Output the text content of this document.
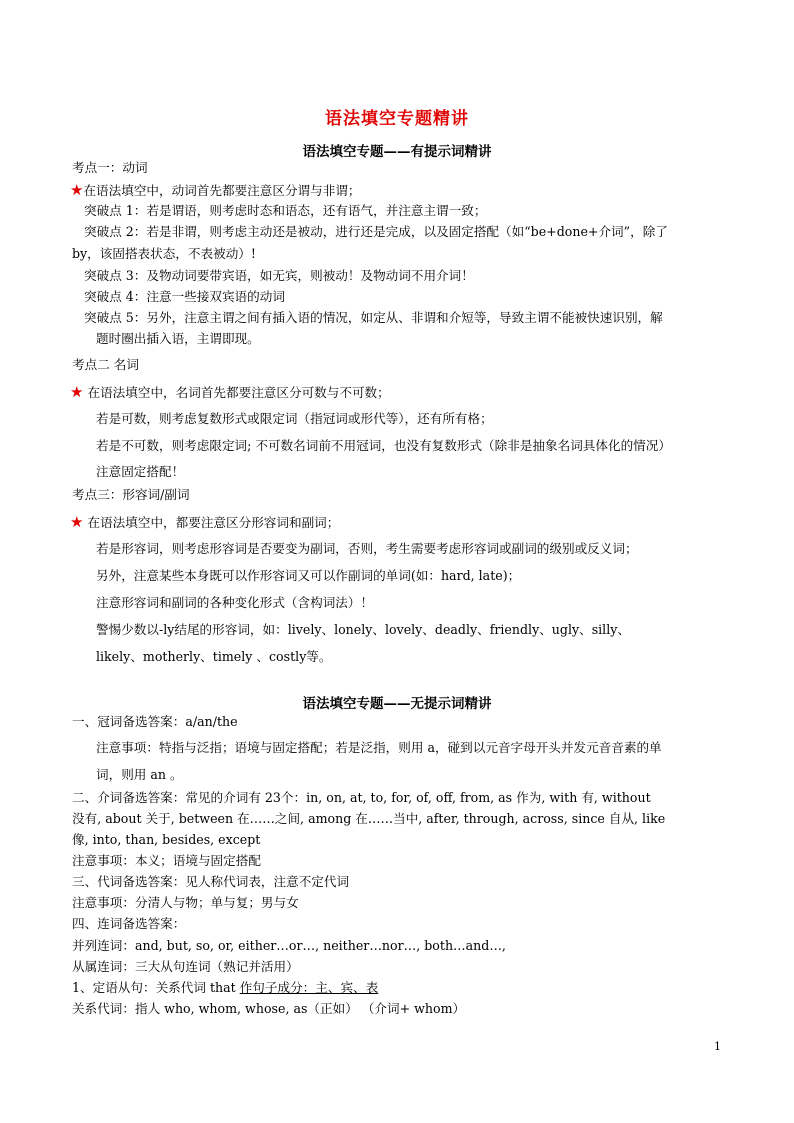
语法填空专题精讲
语法填空专题——有提示词精讲
考点一：动词
★在语法填空中，动词首先都要注意区分谓与非谓；
突破点 1：若是谓语，则考虑时态和语态，还有语气，并注意主谓一致；
突破点 2：若是非谓，则考虑主动还是被动，进行还是完成，以及固定搭配（如“be+done+介词”，除了
by，该固搭表状态，不表被动）!
突破点 3：及物动词要带宾语，如无宾，则被动！及物动词不用介词！
突破点 4：注意一些接双宾语的动词
突破点 5：另外，注意主谓之间有插入语的情况，如定从、非谓和介短等，导致主谓不能被快速识别，解
题时圈出插入语，主谓即现。
考点二 名词
★ 在语法填空中，名词首先都要注意区分可数与不可数；
若是可数，则考虑复数形式或限定词（指冠词或形代等），还有所有格；
若是不可数，则考虑限定词; 不可数名词前不用冠词，也没有复数形式（除非是抽象名词具体化的情况）
注意固定搭配！
考点三：形容词/副词
★ 在语法填空中，都要注意区分形容词和副词；
若是形容词，则考虑形容词是否要变为副词，否则，考生需要考虑形容词或副词的级别或反义词；
另外，注意某些本身既可以作形容词又可以作副词的单词(如：hard, late)；
注意形容词和副词的各种变化形式（含构词法）！
警惕少数以-ly结尾的形容词，如：lively、lonely、lovely、deadly、friendly、ugly、silly、
likely、motherly、timely 、costly等。
语法填空专题——无提示词精讲
一、冠词备选答案：a/an/the
注意事项：特指与泛指；语境与固定搭配；若是泛指，则用 a，碰到以元音字母开头并发元音音素的单
词，则用 an 。
二、介词备选答案：常见的介词有 23个：in, on, at, to, for, of, off, from, as 作为, with 有, without
没有, about 关于, between 在……之间, among 在……当中, after, through, across, since 自从, like
像, into, than, besides, except
注意事项：本义；语境与固定搭配
三、代词备选答案：见人称代词表，注意不定代词
注意事项：分清人与物；单与复；男与女
四、连词备选答案：
并列连词：and, but, so, or, either…or…, neither…nor…, both…and…,
从属连词：三大从句连词（熟记并活用）
1、定语从句：关系代词 that 作句子成分：主、宾、表
关系代词：指人 who, whom, whose, as（正如） （介词+ whom）
1
